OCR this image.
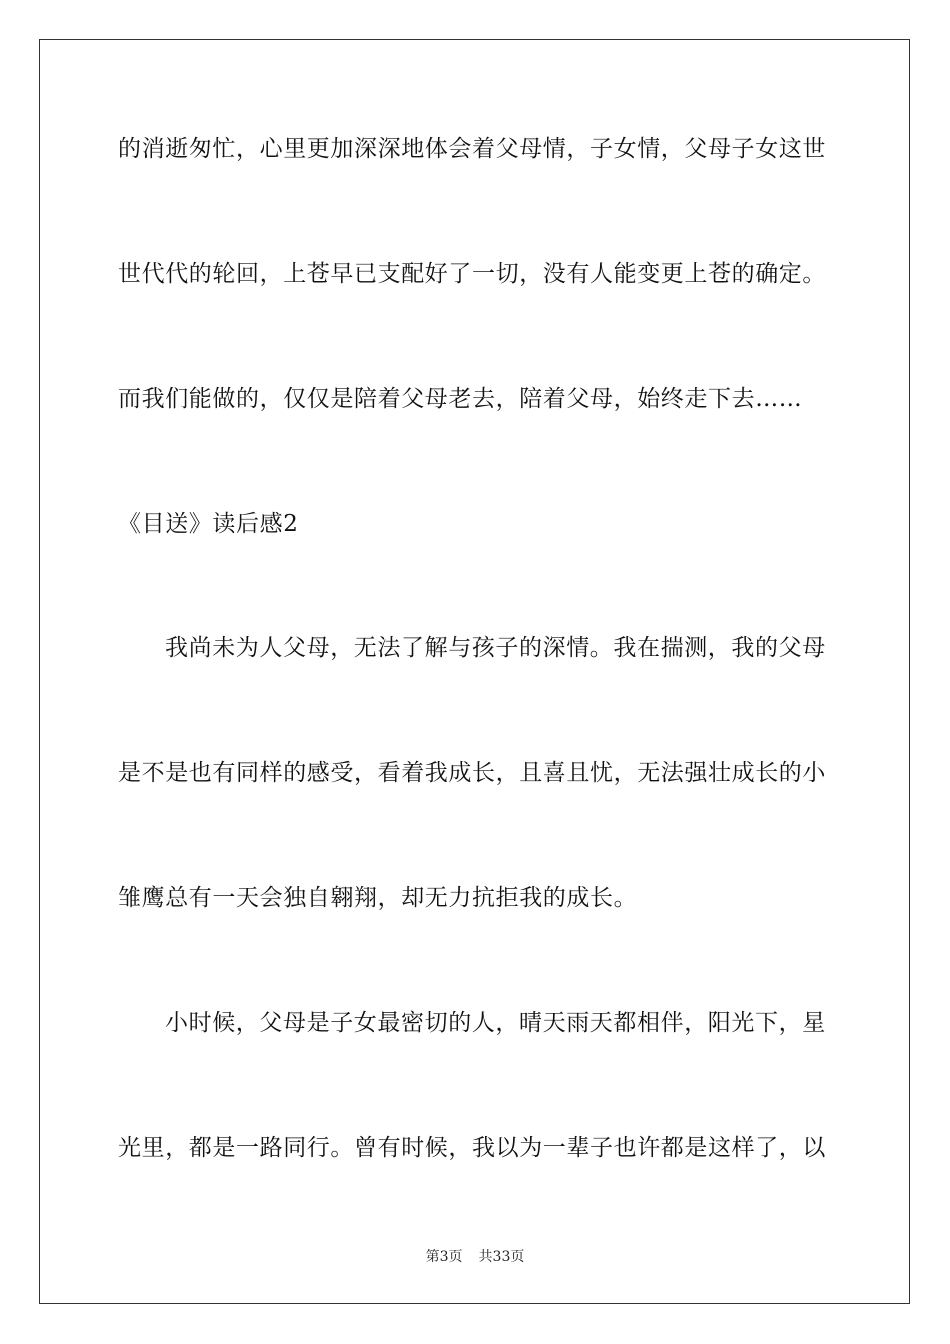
的消逝匆忙，心里更加深深地体会着父母情，子女情，父母子女这世
世代代的轮回，上苍早已支配好了一切，没有人能变更上苍的确定。
而我们能做的，仅仅是陪着父母老去，陪着父母，始终走下去……
《目送》读后感2
我尚未为人父母，无法了解与孩子的深情。我在揣测，我的父母
是不是也有同样的感受，看着我成长，且喜且忧，无法强壮成长的小
雏鹰总有一天会独自翱翔，却无力抗拒我的成长。
小时候，父母是子女最密切的人，晴天雨天都相伴，阳光下，星
光里，都是一路同行。曾有时候，我以为一辈子也许都是这样了，以
第3页 共33页
